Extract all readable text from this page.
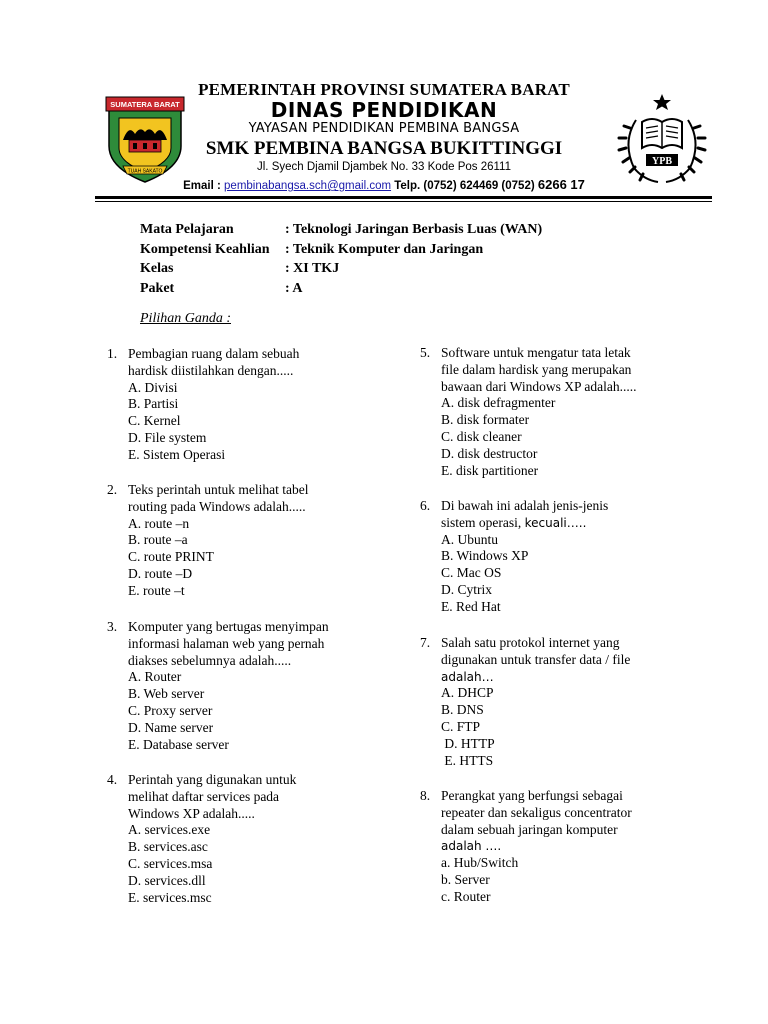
SUMATERA BARAT
TUAH SAKATO
YPB
PEMERINTAH PROVINSI SUMATERA BARAT
DINAS PENDIDIKAN
YAYASAN PENDIDIKAN PEMBINA BANGSA
SMK PEMBINA BANGSA BUKITTINGGI
Jl. Syech Djamil Djambek No. 33 Kode Pos 26111
Email : pembinabangsa.sch@gmail.com Telp. (0752) 624469 (0752) 6266 17
Mata Pelajaran	: Teknologi Jaringan Berbasis Luas (WAN)
Kompetensi Keahlian : Teknik Komputer dan Jaringan
Kelas	: XI TKJ
Paket	: A
Pilihan Ganda :
1. Pembagian ruang dalam sebuah
hardisk diistilahkan dengan.....
A. Divisi
B. Partisi
C. Kernel
D. File system
E. Sistem Operasi
2. Teks perintah untuk melihat tabel
routing pada Windows adalah.....
A. route –n
B. route –a
C. route PRINT
D. route –D
E. route –t
3. Komputer yang bertugas menyimpan
informasi halaman web yang pernah
diakses sebelumnya adalah.....
A. Router
B. Web server
C. Proxy server
D. Name server
E. Database server
4. Perintah yang digunakan untuk
melihat daftar services pada
Windows XP adalah.....
A. services.exe
B. services.asc
C. services.msa
D. services.dll
E. services.msc
5. Software untuk mengatur tata letak
file dalam hardisk yang merupakan
bawaan dari Windows XP adalah.....
A. disk defragmenter
B. disk formater
C. disk cleaner
D. disk destructor
E. disk partitioner
6. Di bawah ini adalah jenis-jenis
sistem operasi, kecuali…..
A. Ubuntu
B. Windows XP
C. Mac OS
D. Cytrix
E. Red Hat
7. Salah satu protokol internet yang
digunakan untuk transfer data / file
adalah…
A. DHCP
B. DNS
C. FTP
D. HTTP
E. HTTS
8. Perangkat yang berfungsi sebagai
repeater dan sekaligus concentrator
dalam sebuah jaringan komputer
adalah ….
a. Hub/Switch
b. Server
c. Router
